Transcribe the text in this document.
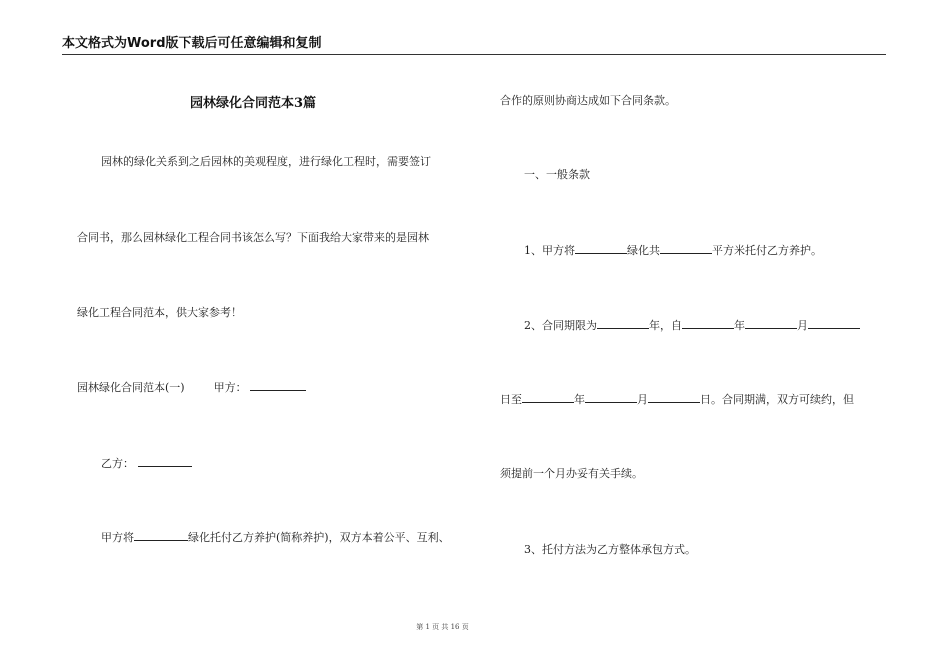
本文格式为Word版下载后可任意编辑和复制
园林绿化合同范本3篇
园林的绿化关系到之后园林的美观程度，进行绿化工程时，需要签订
合同书，那么园林绿化工程合同书该怎么写？下面我给大家带来的是园林
绿化工程合同范本，供大家参考！
园林绿化合同范本(一)	甲方：
乙方：
甲方将	绿化托付乙方养护(简称养护)，双方本着公平、互利、
合作的原则协商达成如下合同条款。
一、一般条款
1、甲方将	绿化共	平方米托付乙方养护。
2、合同期限为	年，自	年	月
日至	年	月	日。合同期满，双方可续约，但
须提前一个月办妥有关手续。
3、托付方法为乙方整体承包方式。
第 1 页 共 16 页
